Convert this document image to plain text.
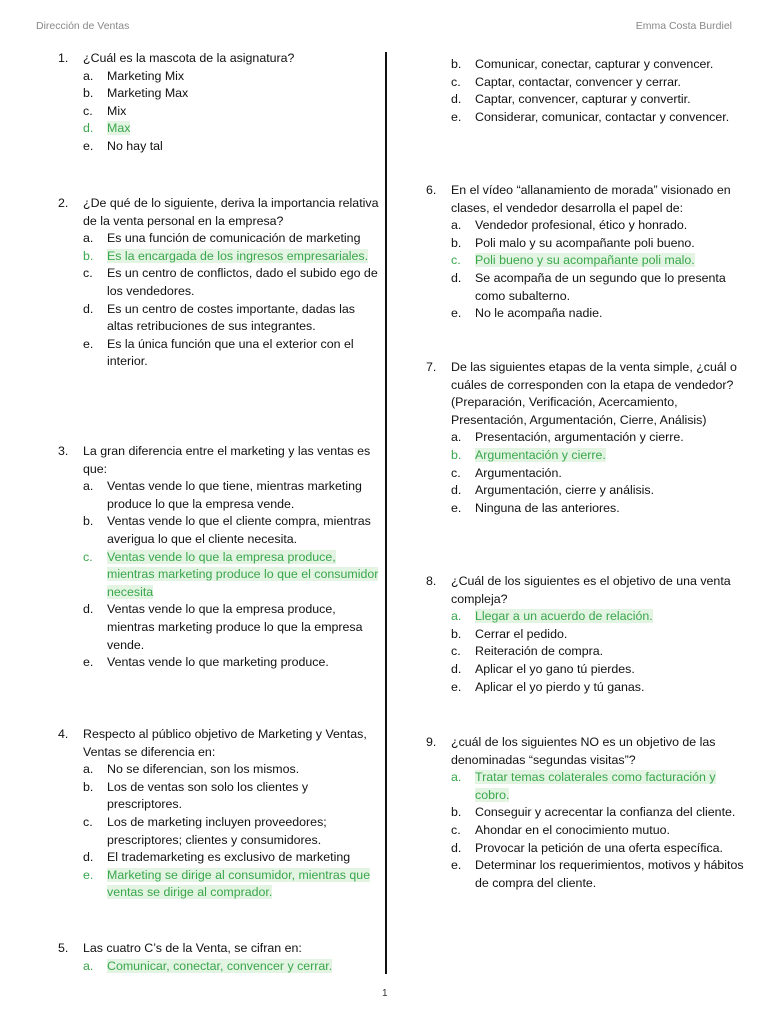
Dirección de Ventas	Emma Costa Burdiel
1. ¿Cuál es la mascota de la asignatura?
a. Marketing Mix
b. Marketing Max
c. Mix
d. Max
e. No hay tal
2. ¿De qué de lo siguiente, deriva la importancia relativa de la venta personal en la empresa?
a. Es una función de comunicación de marketing
b. Es la encargada de los ingresos empresariales.
c. Es un centro de conflictos, dado el subido ego de los vendedores.
d. Es un centro de costes importante, dadas las altas retribuciones de sus integrantes.
e. Es la única función que una el exterior con el interior.
3. La gran diferencia entre el marketing y las ventas es que:
a. Ventas vende lo que tiene, mientras marketing produce lo que la empresa vende.
b. Ventas vende lo que el cliente compra, mientras averigua lo que el cliente necesita.
c. Ventas vende lo que la empresa produce, mientras marketing produce lo que el consumidor necesita
d. Ventas vende lo que la empresa produce, mientras marketing produce lo que la empresa vende.
e. Ventas vende lo que marketing produce.
4. Respecto al público objetivo de Marketing y Ventas, Ventas se diferencia en:
a. No se diferencian, son los mismos.
b. Los de ventas son solo los clientes y prescriptores.
c. Los de marketing incluyen proveedores; prescriptores; clientes y consumidores.
d. El trademarketing es exclusivo de marketing
e. Marketing se dirige al consumidor, mientras que ventas se dirige al comprador.
5. Las cuatro C’s de la Venta, se cifran en:
a. Comunicar, conectar, convencer y cerrar.
b. Comunicar, conectar, capturar y convencer.
c. Captar, contactar, convencer y cerrar.
d. Captar, convencer, capturar y convertir.
e. Considerar, comunicar, contactar y convencer.
6. En el vídeo “allanamiento de morada” visionado en clases, el vendedor desarrolla el papel de:
a. Vendedor profesional, ético y honrado.
b. Poli malo y su acompañante poli bueno.
c. Poli bueno y su acompañante poli malo.
d. Se acompaña de un segundo que lo presenta como subalterno.
e. No le acompaña nadie.
7. De las siguientes etapas de la venta simple, ¿cuál o cuáles de corresponden con la etapa de vendedor? (Preparación, Verificación, Acercamiento, Presentación, Argumentación, Cierre, Análisis)
a. Presentación, argumentación y cierre.
b. Argumentación y cierre.
c. Argumentación.
d. Argumentación, cierre y análisis.
e. Ninguna de las anteriores.
8. ¿Cuál de los siguientes es el objetivo de una venta compleja?
a. Llegar a un acuerdo de relación.
b. Cerrar el pedido.
c. Reiteración de compra.
d. Aplicar el yo gano tú pierdes.
e. Aplicar el yo pierdo y tú ganas.
9. ¿cuál de los siguientes NO es un objetivo de las denominadas “segundas visitas”?
a. Tratar temas colaterales como facturación y cobro.
b. Conseguir y acrecentar la confianza del cliente.
c. Ahondar en el conocimiento mutuo.
d. Provocar la petición de una oferta específica.
e. Determinar los requerimientos, motivos y hábitos de compra del cliente.
1
